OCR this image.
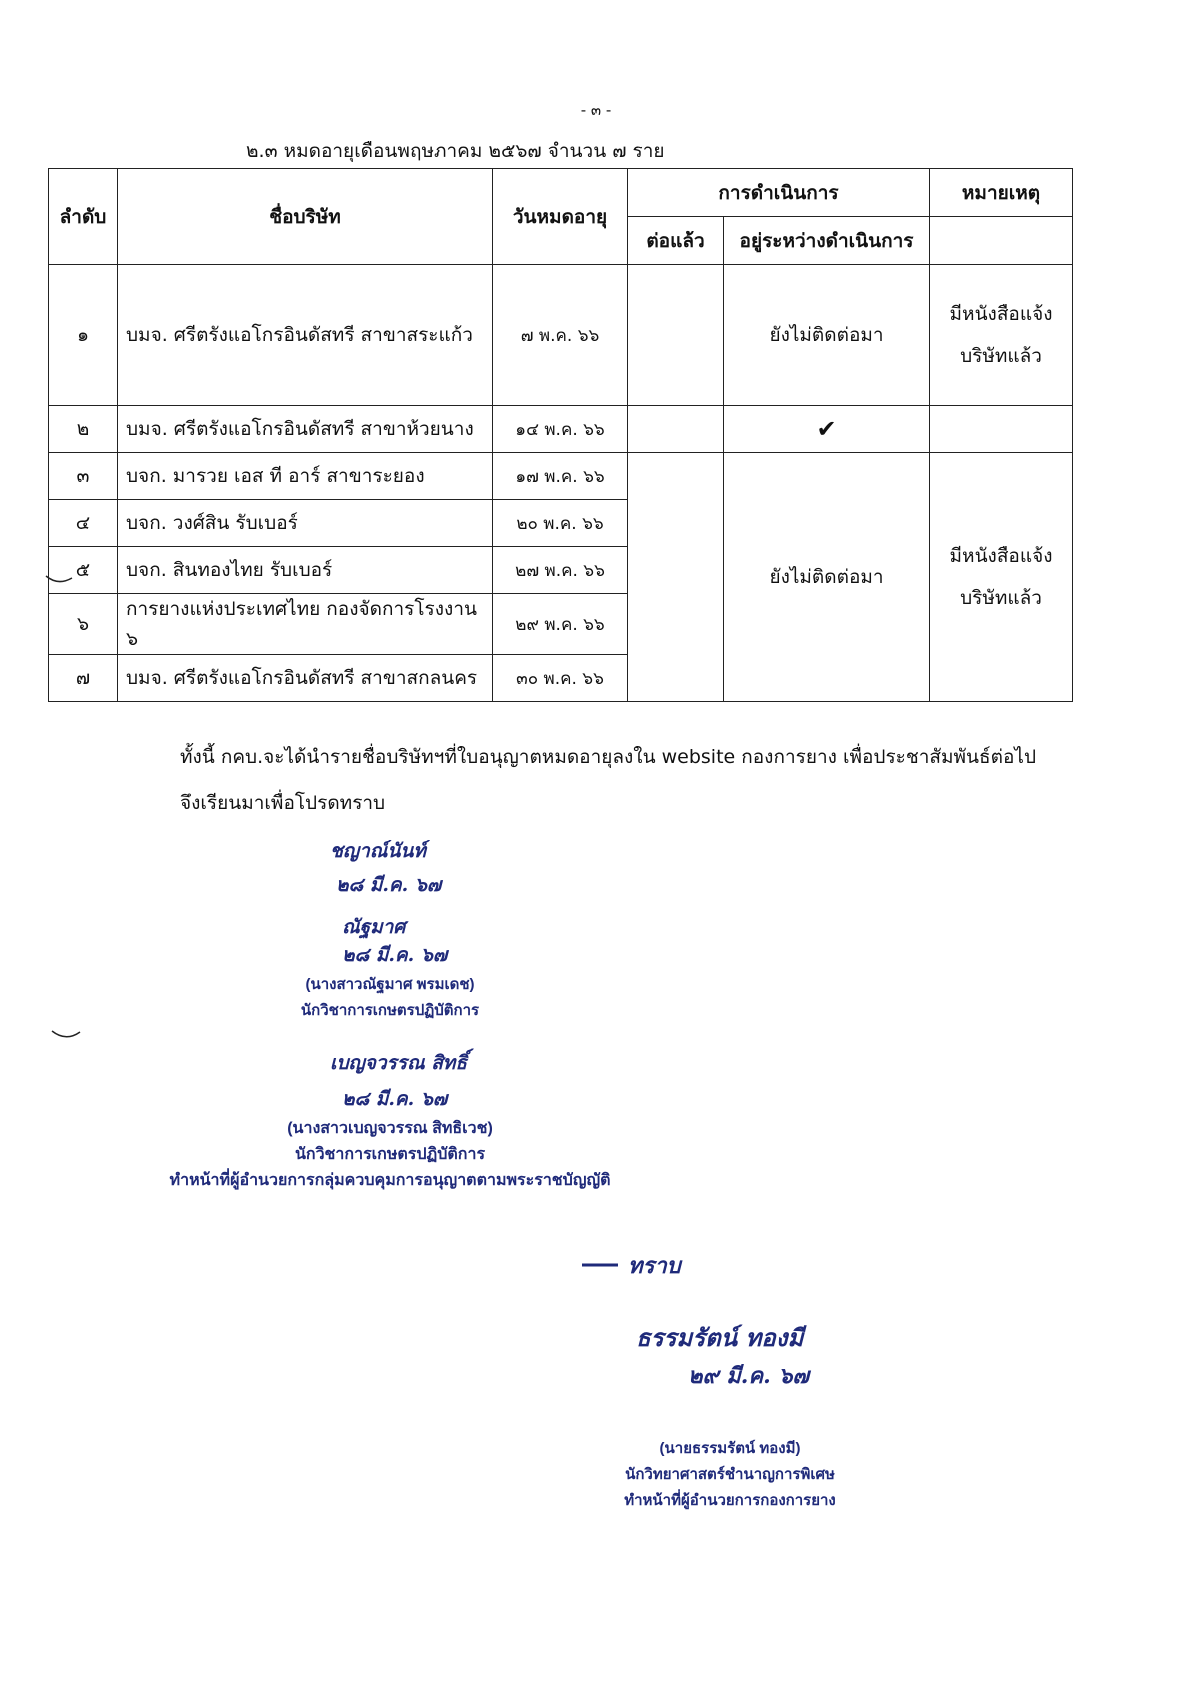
- ๓ -
๒.๓ หมดอายุเดือนพฤษภาคม ๒๕๖๗ จำนวน ๗ ราย
ลำดับ	ชื่อบริษัท	วันหมดอายุ	การดำเนินการ		หมายเหตุ
			ต่อแล้ว	อยู่ระหว่างดำเนินการ	
๑	บมจ. ศรีตรังแอโกรอินดัสทรี สาขาสระแก้ว	๗ พ.ค. ๖๖		ยังไม่ติดต่อมา	มีหนังสือแจ้ง
บริษัทแล้ว

๒	บมจ. ศรีตรังแอโกรอินดัสทรี สาขาห้วยนาง	๑๔ พ.ค. ๖๖		✔	
๓	บจก. มารวย เอส ที อาร์ สาขาระยอง	๑๗ พ.ค. ๖๖		ยังไม่ติดต่อมา	มีหนังสือแจ้ง
บริษัทแล้ว

๔	บจก. วงศ์สิน รับเบอร์	๒๐ พ.ค. ๖๖			
๕	บจก. สินทองไทย รับเบอร์	๒๗ พ.ค. ๖๖			
๖	การยางแห่งประเทศไทย กองจัดการโรงงาน ๖	๒๙ พ.ค. ๖๖			
๗	บมจ. ศรีตรังแอโกรอินดัสทรี สาขาสกลนคร	๓๐ พ.ค. ๖๖			
ทั้งนี้ กคบ.จะได้นำรายชื่อบริษัทฯที่ใบอนุญาตหมดอายุลงใน website กองการยาง เพื่อประชาสัมพันธ์ต่อไป
จึงเรียนมาเพื่อโปรดทราบ
ชญาณ์นันท์
๒๘ มี.ค. ๖๗
ณัฐมาศ
๒๘ มี.ค. ๖๗
(นางสาวณัฐมาศ พรมเดช)
นักวิชาการเกษตรปฏิบัติการ
เบญจวรรณ สิทธิ์
๒๘ มี.ค. ๖๗
(นางสาวเบญจวรรณ สิทธิเวช)
นักวิชาการเกษตรปฏิบัติการ
ทำหน้าที่ผู้อำนวยการกลุ่มควบคุมการอนุญาตตามพระราชบัญญัติ
ทราบ
ธรรมรัตน์ ทองมี
๒๙ มี.ค. ๖๗
(นายธรรมรัตน์ ทองมี)
นักวิทยาศาสตร์ชำนาญการพิเศษ
ทำหน้าที่ผู้อำนวยการกองการยาง
